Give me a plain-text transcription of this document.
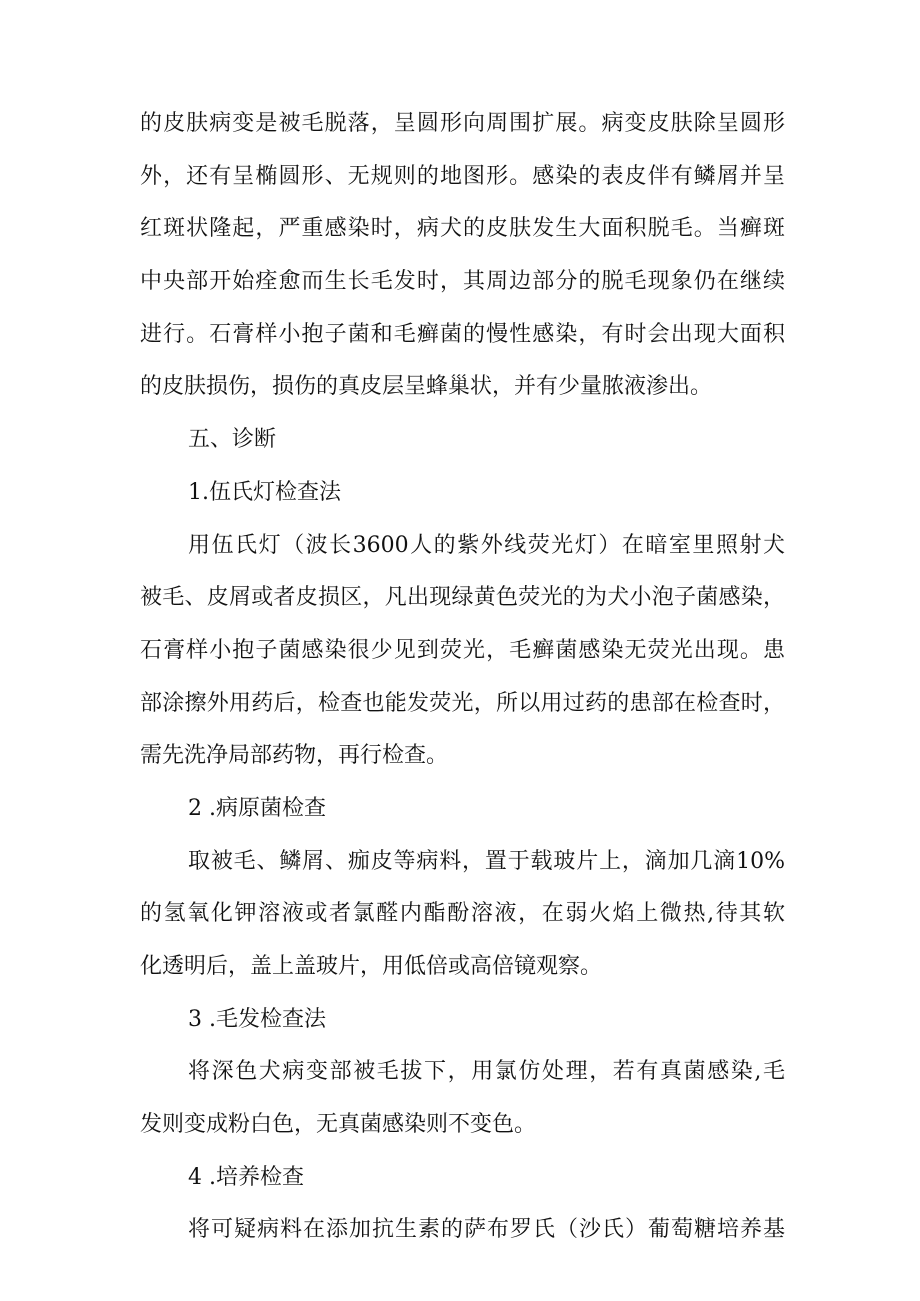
的皮肤病变是被毛脱落，呈圆形向周围扩展。病变皮肤除呈圆形
外，还有呈椭圆形、无规则的地图形。感染的表皮伴有鳞屑并呈
红斑状隆起，严重感染时，病犬的皮肤发生大面积脱毛。当癣斑
中央部开始痊愈而生长毛发时，其周边部分的脱毛现象仍在继续
进行。石膏样小抱子菌和毛癣菌的慢性感染，有时会出现大面积
的皮肤损伤，损伤的真皮层呈蜂巢状，并有少量脓液渗出。
五、诊断
1.伍氏灯检查法
用伍氏灯（波长3600人的紫外线荧光灯）在暗室里照射犬
被毛、皮屑或者皮损区，凡出现绿黄色荧光的为犬小泡子菌感染，
石膏样小抱子菌感染很少见到荧光，毛癣菌感染无荧光出现。患
部涂擦外用药后，检查也能发荧光，所以用过药的患部在检查时，
需先洗净局部药物，再行检查。
2 .病原菌检查
取被毛、鳞屑、痂皮等病料，置于载玻片上，滴加几滴10%
的氢氧化钾溶液或者氯醛内酯酚溶液，在弱火焰上微热,待其软
化透明后，盖上盖玻片，用低倍或高倍镜观察。
3 .毛发检查法
将深色犬病变部被毛拔下，用氯仿处理，若有真菌感染,毛
发则变成粉白色，无真菌感染则不变色。
4 .培养检查
将可疑病料在添加抗生素的萨布罗氏（沙氏）葡萄糖培养基
